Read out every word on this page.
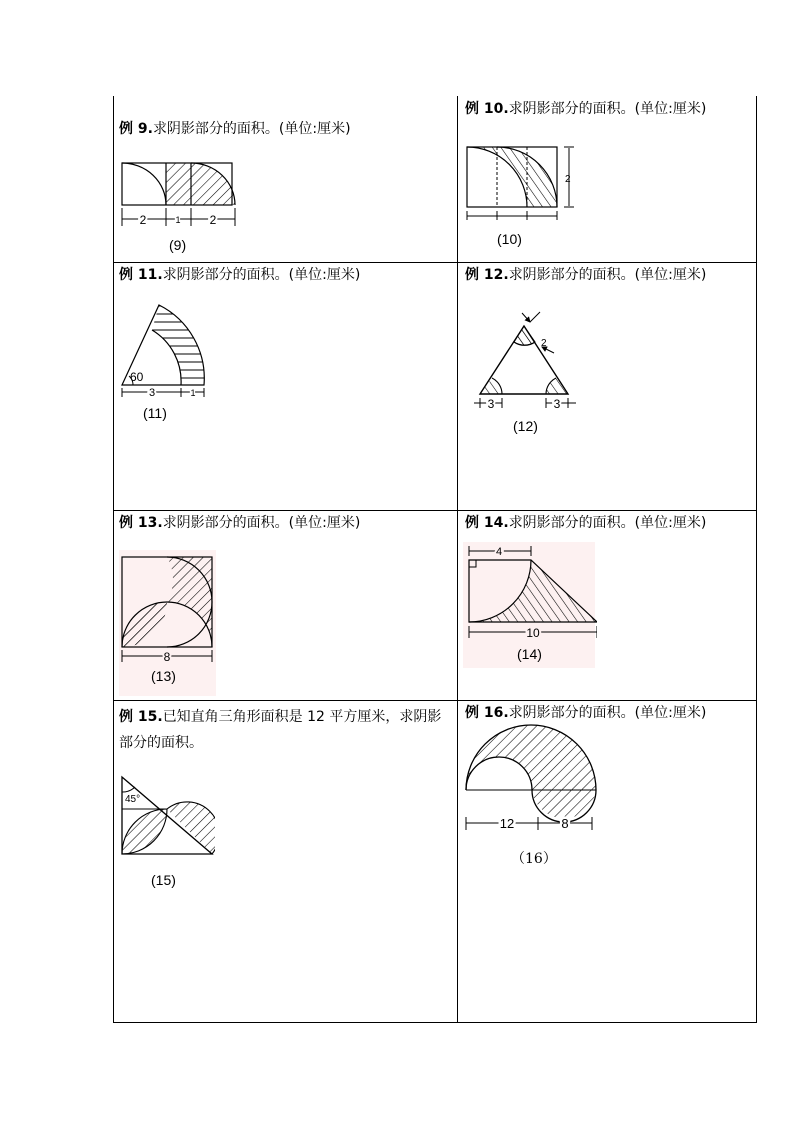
例 9.求阴影部分的面积。(单位:厘米)
2	1 2
(9)
例 10.求阴影部分的面积。(单位:厘米)
2
(10)
例 11.求阴影部分的面积。(单位:厘米)
60
3	1
(11)
例 12.求阴影部分的面积。(单位:厘米)
2
3	3
(12)
例 13.求阴影部分的面积。(单位:厘米)
8
(13)
例 14.求阴影部分的面积。(单位:厘米)
4
10
(14)
例 15.已知直角三角形面积是 12 平方厘米，求阴影部分的面积。
45°
(15)
例 16.求阴影部分的面积。(单位:厘米)
12	8
（16）
